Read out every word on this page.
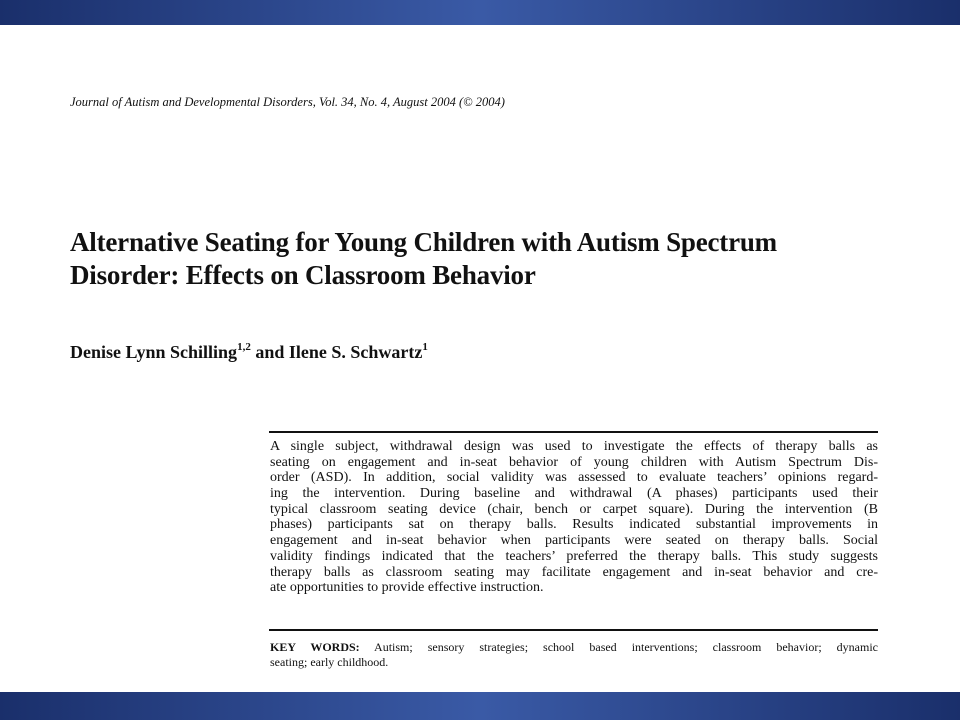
Journal of Autism and Developmental Disorders, Vol. 34, No. 4, August 2004 (© 2004)
Alternative Seating for Young Children with Autism Spectrum
Disorder: Effects on Classroom Behavior
Denise Lynn Schilling$^{1,2}$ and Ilene S. Schwartz$^1$
A single subject, withdrawal design was used to investigate the effects of therapy balls as
seating on engagement and in-seat behavior of young children with Autism Spectrum Dis-
order (ASD). In addition, social validity was assessed to evaluate teachers’ opinions regard-
ing the intervention. During baseline and withdrawal (A phases) participants used their
typical classroom seating device (chair, bench or carpet square). During the intervention (B
phases) participants sat on therapy balls. Results indicated substantial improvements in
engagement and in-seat behavior when participants were seated on therapy balls. Social
validity findings indicated that the teachers’ preferred the therapy balls. This study suggests
therapy balls as classroom seating may facilitate engagement and in-seat behavior and cre-
ate opportunities to provide effective instruction.
KEY WORDS: Autism; sensory strategies; school based interventions; classroom behavior; dynamic
seating; early childhood.
